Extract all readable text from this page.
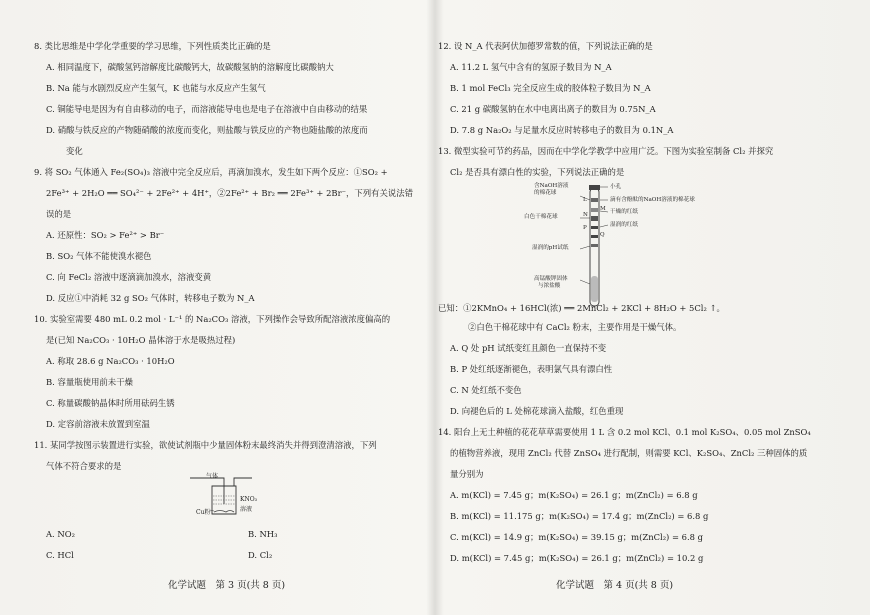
8. 类比思维是中学化学重要的学习思维，下列性质类比正确的是
A. 相同温度下，碳酸氢钙溶解度比碳酸钙大，故碳酸氢钠的溶解度比碳酸钠大
B. Na 能与水剧烈反应产生氢气，K 也能与水反应产生氢气
C. 铜能导电是因为有自由移动的电子，而溶液能导电也是电子在溶液中自由移动的结果
D. 硝酸与铁反应的产物随硝酸的浓度而变化，则盐酸与铁反应的产物也随盐酸的浓度而
变化
9. 将 SO₂ 气体通入 Fe₂(SO₄)₃ 溶液中完全反应后，再滴加溴水，发生如下两个反应：①SO₂ +
2Fe³⁺ + 2H₂O ══ SO₄²⁻ + 2Fe²⁺ + 4H⁺，②2Fe²⁺ + Br₂ ══ 2Fe³⁺ + 2Br⁻，下列有关说法错
误的是
A. 还原性：SO₂ > Fe²⁺ > Br⁻
B. SO₂ 气体不能使溴水褪色
C. 向 FeCl₂ 溶液中逐滴滴加溴水，溶液变黄
D. 反应①中消耗 32 g SO₂ 气体时，转移电子数为 N_A
10. 实验室需要 480 mL 0.2 mol · L⁻¹ 的 Na₂CO₃ 溶液，下列操作会导致所配溶液浓度偏高的
是(已知 Na₂CO₃ · 10H₂O 晶体溶于水是吸热过程)
A. 称取 28.6 g Na₂CO₃ · 10H₂O
B. 容量瓶使用前未干燥
C. 称量碳酸钠晶体时所用砝码生锈
D. 定容前溶液未放置到室温
11. 某同学按图示装置进行实验，欲使试剂瓶中少量固体粉末最终消失并得到澄清溶液，下列
气体不符合要求的是
气体
KNO₃
溶液
Cu粉
A. NO₂	B. NH₃
C. HCl	D. Cl₂
化学试题　第 3 页(共 8 页)
12. 设 N_A 代表阿伏加德罗常数的值，下列说法正确的是
A. 11.2 L 氢气中含有的氢原子数目为 N_A
B. 1 mol FeCl₃ 完全反应生成的胶体粒子数目为 N_A
C. 21 g 碳酸氢钠在水中电离出离子的数目为 0.75N_A
D. 7.8 g Na₂O₂ 与足量水反应时转移电子的数目为 0.1N_A
13. 微型实验可节约药品，因而在中学化学教学中应用广泛。下图为实验室制备 Cl₂ 并探究
Cl₂ 是否具有漂白性的实验，下列说法正确的是
含NaOH溶液
的棉花球
白色干棉花球
湿润的pH试纸
高锰酸钾固体
与浓盐酸
小孔
滴有含酚酞的NaOH溶液的棉花球
干燥的红纸
湿润的红纸
L
M
N
P
Q
已知：①2KMnO₄ + 16HCl(浓) ══ 2MnCl₂ + 2KCl + 8H₂O + 5Cl₂ ↑。
②白色干棉花球中有 CaCl₂ 粉末，主要作用是干燥气体。
A. Q 处 pH 试纸变红且颜色一直保持不变
B. P 处红纸逐渐褪色，表明氯气具有漂白性
C. N 处红纸不变色
D. 向褪色后的 L 处棉花球滴入盐酸，红色重现
14. 阳台上无土种植的花花草草需要使用 1 L 含 0.2 mol KCl、0.1 mol K₂SO₄、0.05 mol ZnSO₄
的植物营养液，现用 ZnCl₂ 代替 ZnSO₄ 进行配制，则需要 KCl、K₂SO₄、ZnCl₂ 三种固体的质
量分别为
A. m(KCl) = 7.45 g；m(K₂SO₄) = 26.1 g；m(ZnCl₂) = 6.8 g
B. m(KCl) = 11.175 g；m(K₂SO₄) = 17.4 g；m(ZnCl₂) = 6.8 g
C. m(KCl) = 14.9 g；m(K₂SO₄) = 39.15 g；m(ZnCl₂) = 6.8 g
D. m(KCl) = 7.45 g；m(K₂SO₄) = 26.1 g；m(ZnCl₂) = 10.2 g
化学试题　第 4 页(共 8 页)
